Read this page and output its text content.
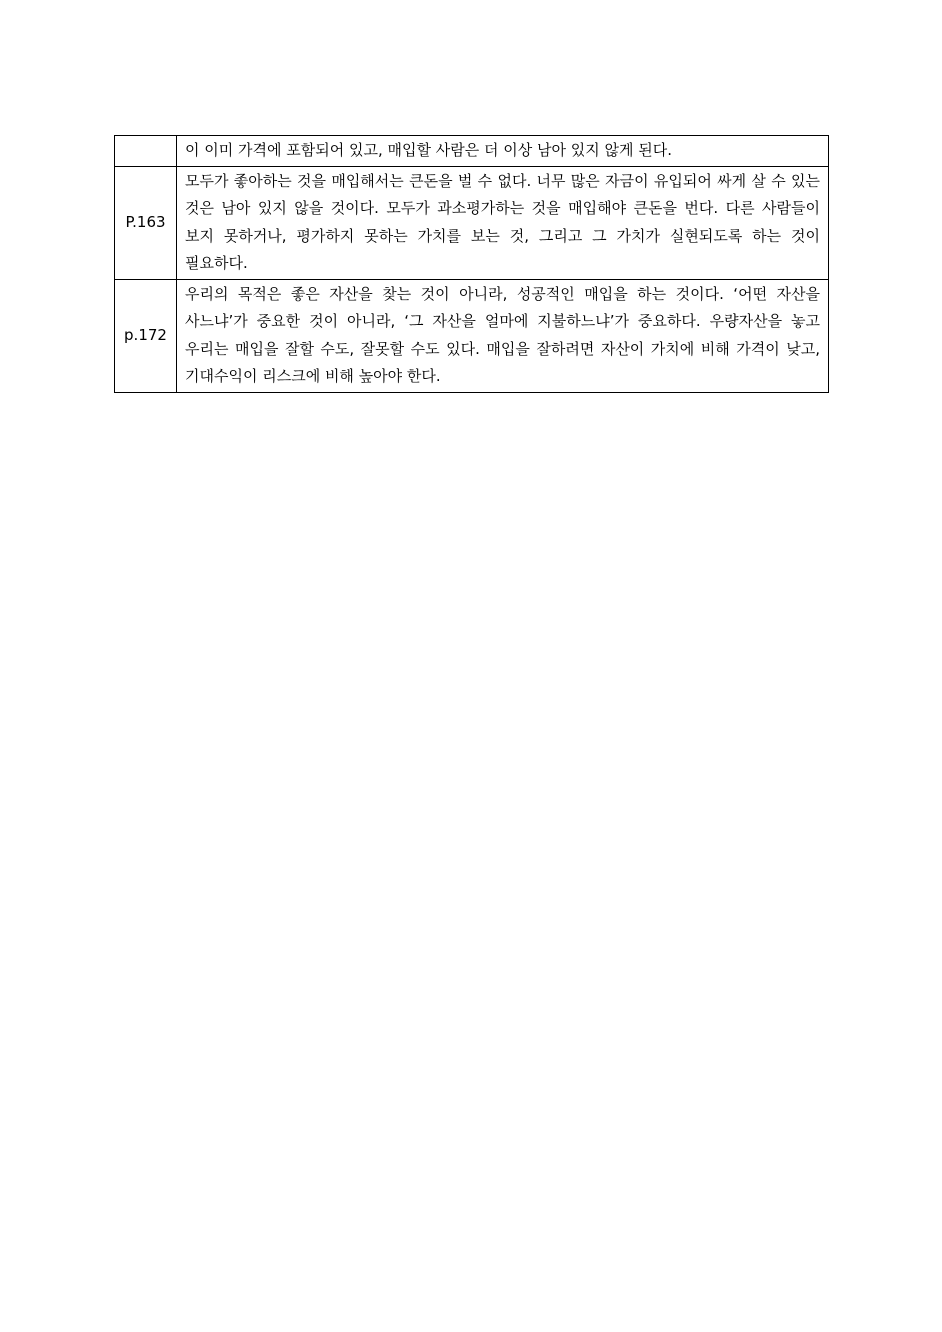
	이 이미 가격에 포함되어 있고, 매입할 사람은 더 이상 남아 있지 않게 된다.
P.163	모두가 좋아하는 것을 매입해서는 큰돈을 벌 수 없다. 너무 많은 자금이 유입되어 싸게 살 수 있는 것은 남아 있지 않을 것이다. 모두가 과소평가하는 것을 매입해야 큰돈을 번다. 다른 사람들이 보지 못하거나, 평가하지 못하는 가치를 보는 것, 그리고 그 가치가 실현되도록 하는 것이 필요하다.
p.172	우리의 목적은 좋은 자산을 찾는 것이 아니라, 성공적인 매입을 하는 것이다. ‘어떤 자산을 사느냐’가 중요한 것이 아니라, ‘그 자산을 얼마에 지불하느냐’가 중요하다. 우량자산을 놓고 우리는 매입을 잘할 수도, 잘못할 수도 있다. 매입을 잘하려면 자산이 가치에 비해 가격이 낮고, 기대수익이 리스크에 비해 높아야 한다.
